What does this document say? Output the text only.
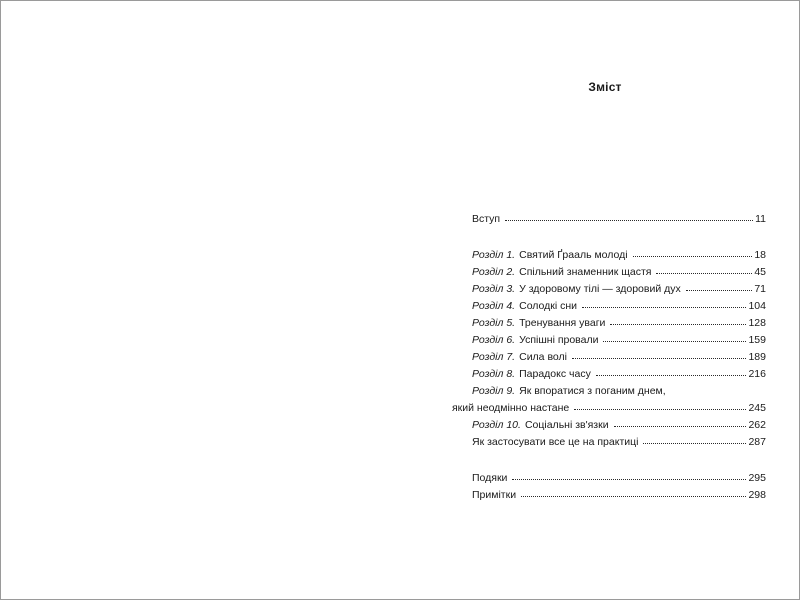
Зміст
Вступ	11
Розділ 1. Святий Ґрааль молоді	18
Розділ 2. Спільний знаменник щастя	45
Розділ 3. У здоровому тілі — здоровий дух	71
Розділ 4. Солодкі сни	104
Розділ 5. Тренування уваги	128
Розділ 6. Успішні провали	159
Розділ 7. Сила волі	189
Розділ 8. Парадокс часу	216
Розділ 9. Як впоратися з поганим днем,
який неодмінно настане	245
Розділ 10. Соціальні зв'язки	262
Як застосувати все це на практиці	287
Подяки	295
Примітки	298
